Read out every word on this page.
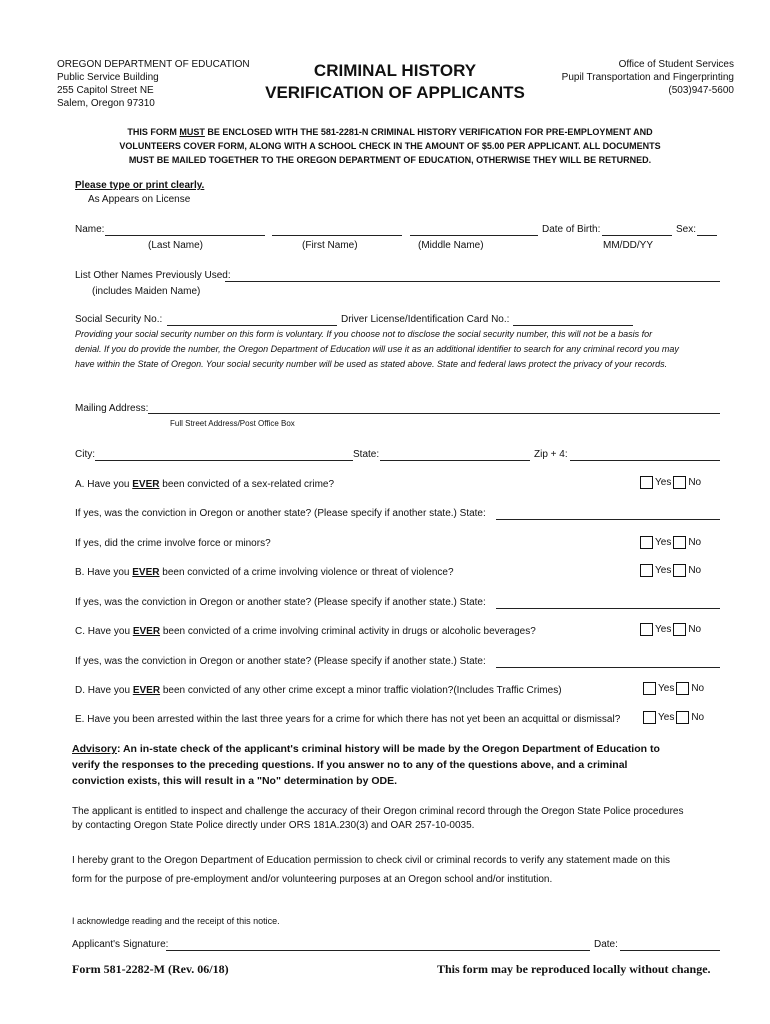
OREGON DEPARTMENT OF EDUCATION
Public Service Building
255 Capitol Street NE
Salem, Oregon 97310
CRIMINAL HISTORY
VERIFICATION OF APPLICANTS
Office of Student Services
Pupil Transportation and Fingerprinting
(503)947-5600
THIS FORM MUST BE ENCLOSED WITH THE 581-2281-N CRIMINAL HISTORY VERIFICATION FOR PRE-EMPLOYMENT AND
VOLUNTEERS COVER FORM, ALONG WITH A SCHOOL CHECK IN THE AMOUNT OF $5.00 PER APPLICANT. ALL DOCUMENTS
MUST BE MAILED TOGETHER TO THE OREGON DEPARTMENT OF EDUCATION, OTHERWISE THEY WILL BE RETURNED.
Please type or print clearly.
As Appears on License
Name:	Date of Birth:	Sex:
(Last Name)	(First Name)	(Middle Name)	MM/DD/YY
List Other Names Previously Used:
(includes Maiden Name)
Social Security No.:	Driver License/Identification Card No.:
Providing your social security number on this form is voluntary. If you choose not to disclose the social security number, this will not be a basis for
denial. If you do provide the number, the Oregon Department of Education will use it as an additional identifier to search for any criminal record you may
have within the State of Oregon. Your social security number will be used as stated above. State and federal laws protect the privacy of your records.
Mailing Address:
Full Street Address/Post Office Box
City:	State:	Zip + 4:
A. Have you EVER been convicted of a sex-related crime?	Yes No
If yes, was the conviction in Oregon or another state? (Please specify if another state.) State:
If yes, did the crime involve force or minors?	Yes No
B. Have you EVER been convicted of a crime involving violence or threat of violence?	Yes No
If yes, was the conviction in Oregon or another state? (Please specify if another state.) State:
C. Have you EVER been convicted of a crime involving criminal activity in drugs or alcoholic beverages?	Yes No
If yes, was the conviction in Oregon or another state? (Please specify if another state.) State:
D. Have you EVER been convicted of any other crime except a minor traffic violation?(Includes Traffic Crimes)	Yes No
E. Have you been arrested within the last three years for a crime for which there has not yet been an acquittal or dismissal?	Yes No
Advisory: An in-state check of the applicant's criminal history will be made by the Oregon Department of Education to
verify the responses to the preceding questions. If you answer no to any of the questions above, and a criminal
conviction exists, this will result in a "No" determination by ODE.
The applicant is entitled to inspect and challenge the accuracy of their Oregon criminal record through the Oregon State Police procedures
by contacting Oregon State Police directly under ORS 181A.230(3) and OAR 257-10-0035.
I hereby grant to the Oregon Department of Education permission to check civil or criminal records to verify any statement made on this
form for the purpose of pre-employment and/or volunteering purposes at an Oregon school and/or institution.
I acknowledge reading and the receipt of this notice.
Applicant's Signature:	Date:
Form 581-2282-M (Rev. 06/18)	This form may be reproduced locally without change.
